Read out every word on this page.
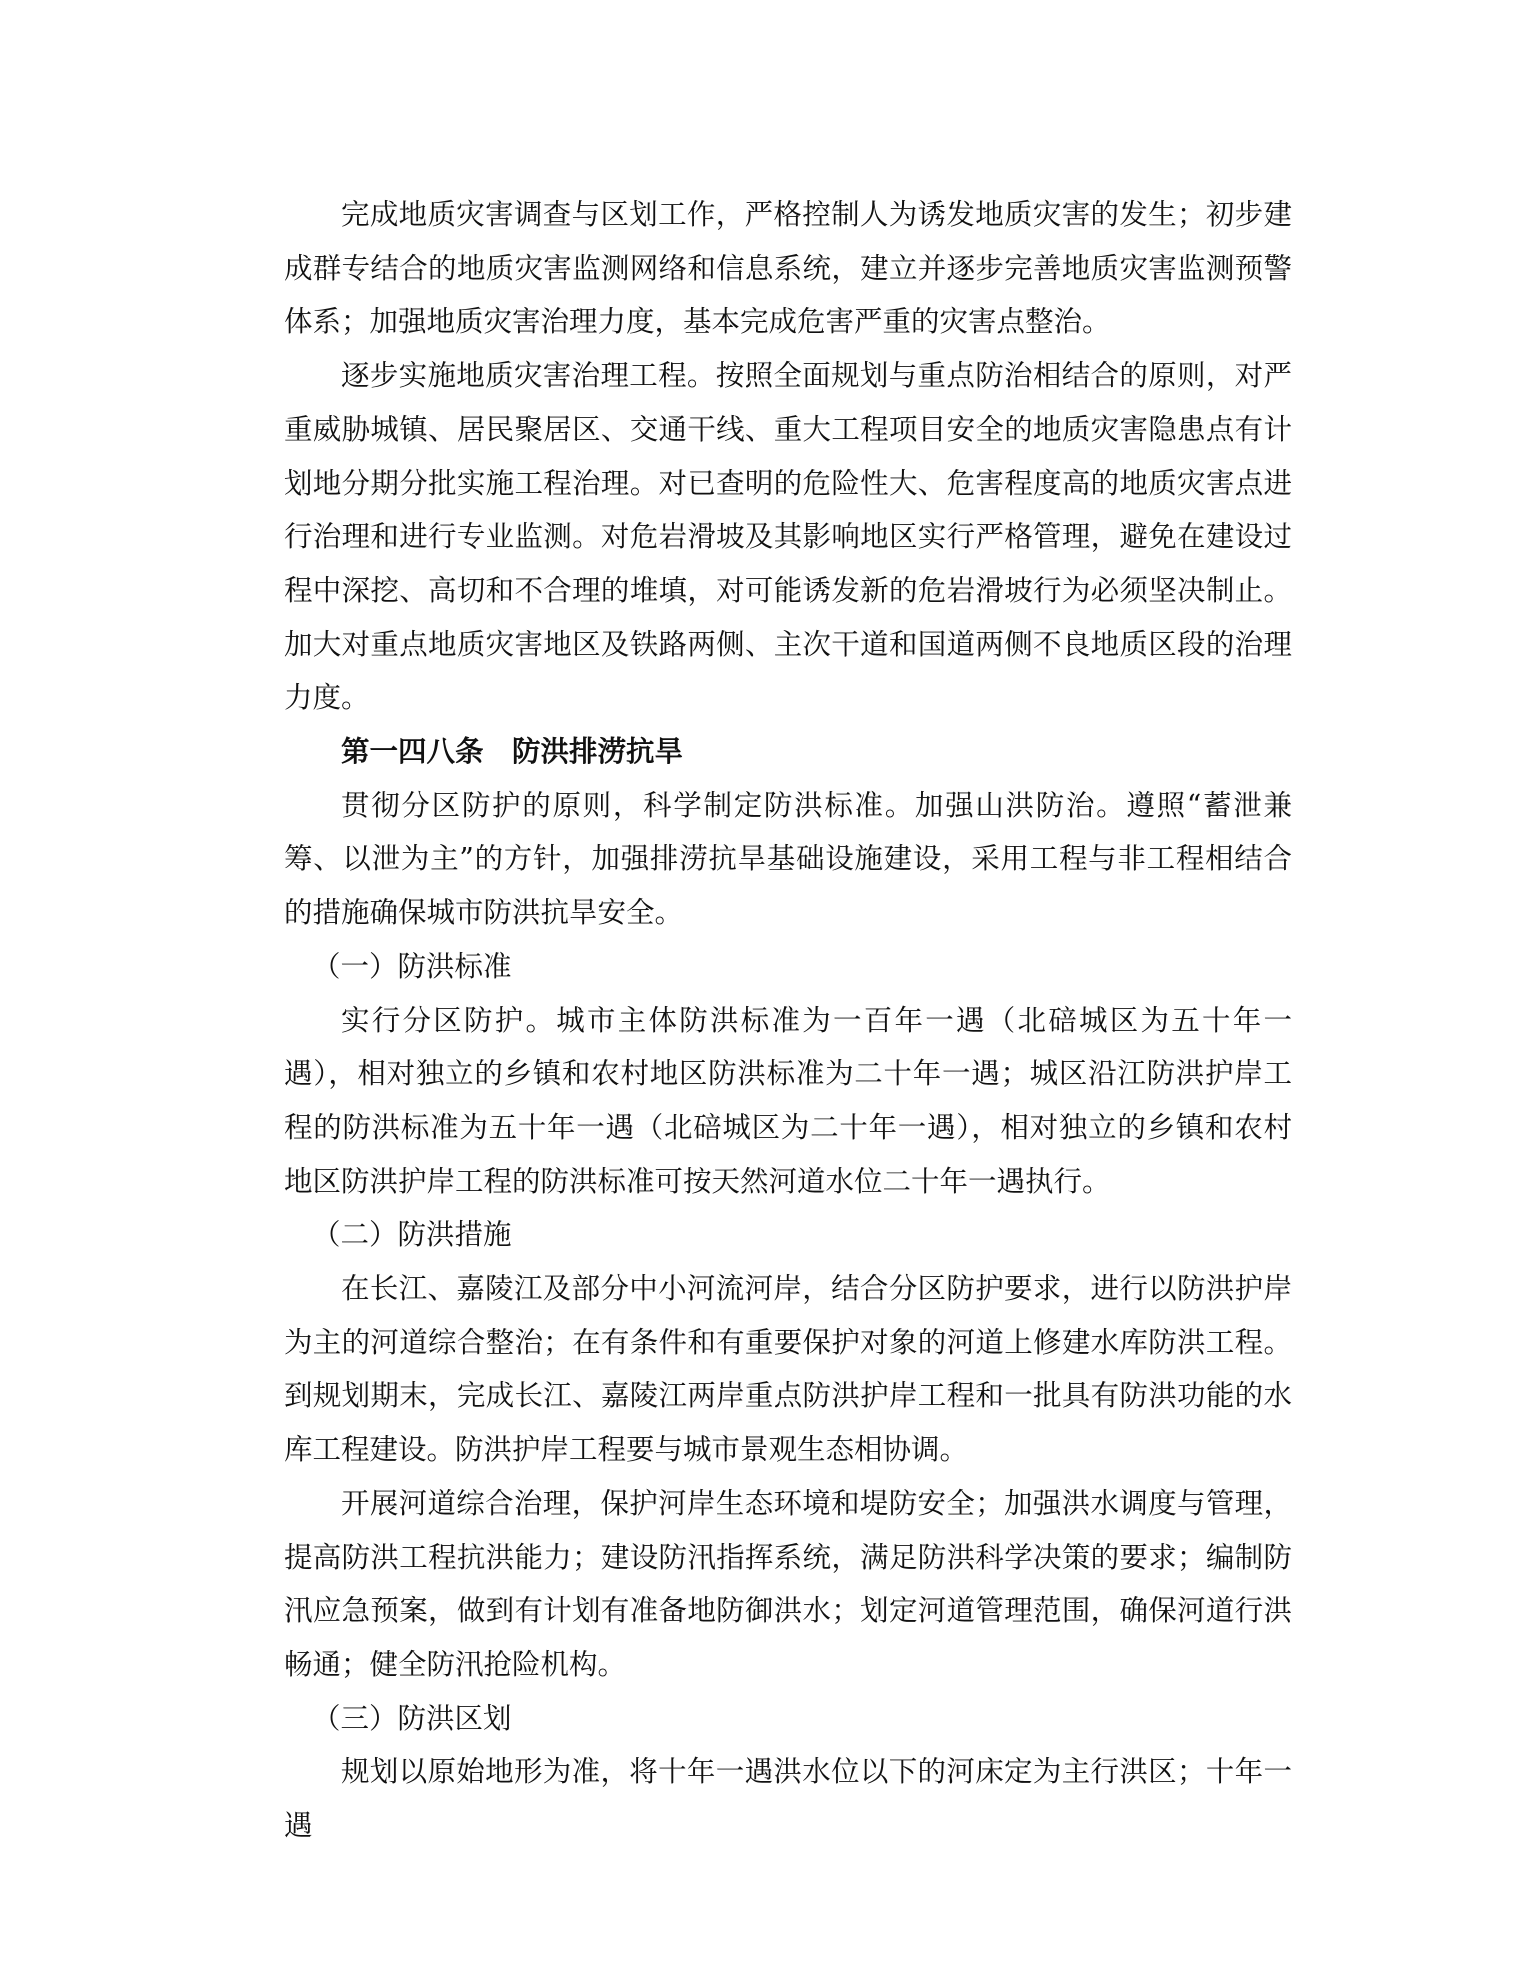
完成地质灾害调查与区划工作，严格控制人为诱发地质灾害的发生；初步建成群专结合的地质灾害监测网络和信息系统，建立并逐步完善地质灾害监测预警体系；加强地质灾害治理力度，基本完成危害严重的灾害点整治。

逐步实施地质灾害治理工程。按照全面规划与重点防治相结合的原则，对严重威胁城镇、居民聚居区、交通干线、重大工程项目安全的地质灾害隐患点有计划地分期分批实施工程治理。对已查明的危险性大、危害程度高的地质灾害点进行治理和进行专业监测。对危岩滑坡及其影响地区实行严格管理，避免在建设过程中深挖、高切和不合理的堆填，对可能诱发新的危岩滑坡行为必须坚决制止。加大对重点地质灾害地区及铁路两侧、主次干道和国道两侧不良地质区段的治理力度。

第一四八条 防洪排涝抗旱

贯彻分区防护的原则，科学制定防洪标准。加强山洪防治。遵照“蓄泄兼筹、以泄为主”的方针，加强排涝抗旱基础设施建设，采用工程与非工程相结合的措施确保城市防洪抗旱安全。

（一）防洪标准

实行分区防护。城市主体防洪标准为一百年一遇（北碚城区为五十年一遇），相对独立的乡镇和农村地区防洪标准为二十年一遇；城区沿江防洪护岸工程的防洪标准为五十年一遇（北碚城区为二十年一遇），相对独立的乡镇和农村地区防洪护岸工程的防洪标准可按天然河道水位二十年一遇执行。

（二）防洪措施

在长江、嘉陵江及部分中小河流河岸，结合分区防护要求，进行以防洪护岸为主的河道综合整治；在有条件和有重要保护对象的河道上修建水库防洪工程。到规划期末，完成长江、嘉陵江两岸重点防洪护岸工程和一批具有防洪功能的水库工程建设。防洪护岸工程要与城市景观生态相协调。

开展河道综合治理，保护河岸生态环境和堤防安全；加强洪水调度与管理，提高防洪工程抗洪能力；建设防汛指挥系统，满足防洪科学决策的要求；编制防汛应急预案，做到有计划有准备地防御洪水；划定河道管理范围，确保河道行洪畅通；健全防汛抢险机构。

（三）防洪区划

规划以原始地形为准，将十年一遇洪水位以下的河床定为主行洪区；十年一遇
